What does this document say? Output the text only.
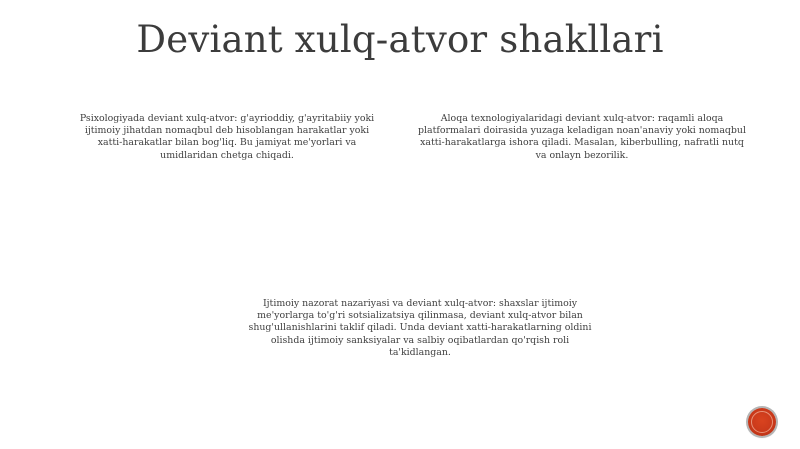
Deviant xulq-atvor shakllari

Psixologiyada deviant xulq-atvor: g'ayrioddiy, g'ayritabiiy yoki ijtimoiy jihatdan nomaqbul deb hisoblangan harakatlar yoki xatti-harakatlar bilan bog'liq. Bu jamiyat me'yorlari va umidlaridan chetga chiqadi.

Aloqa texnologiyalaridagi deviant xulq-atvor: raqamli aloqa platformalari doirasida yuzaga keladigan noan'anaviy yoki nomaqbul xatti-harakatlarga ishora qiladi. Masalan, kiberbulling, nafratli nutq va onlayn bezorilik.

Ijtimoiy nazorat nazariyasi va deviant xulq-atvor: shaxslar ijtimoiy me'yorlarga to'g'ri sotsializatsiya qilinmasa, deviant xulq-atvor bilan shug'ullanishlarini taklif qiladi. Unda deviant xatti-harakatlarning oldini olishda ijtimoiy sanksiyalar va salbiy oqibatlardan qo'rqish roli ta'kidlangan.
